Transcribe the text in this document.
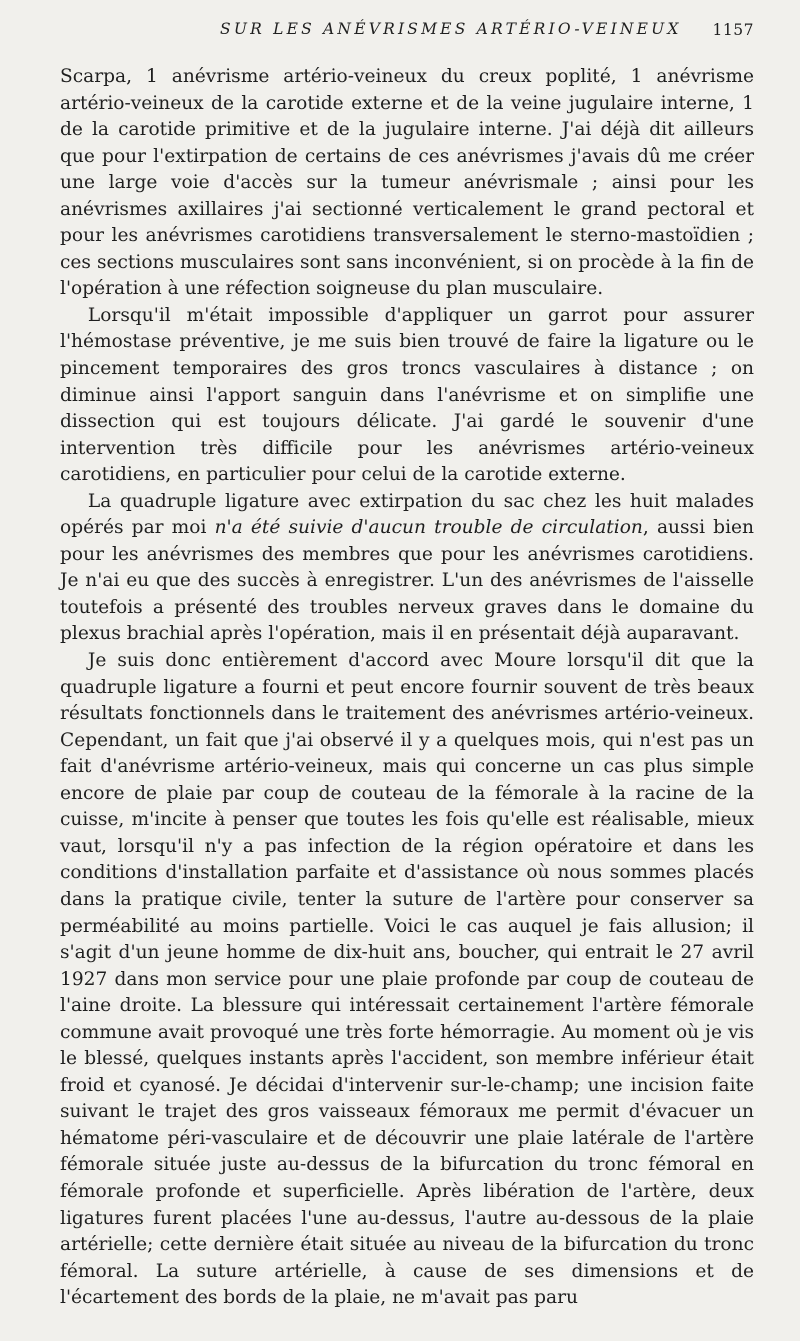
SUR LES ANÉVRISMES ARTÉRIO-VEINEUX 1157

Scarpa, 1 anévrisme artério-veineux du creux poplité, 1 anévrisme artério-veineux de la carotide externe et de la veine jugulaire interne, 1 de la carotide primitive et de la jugulaire interne. J'ai déjà dit ailleurs que pour l'extirpation de certains de ces anévrismes j'avais dû me créer une large voie d'accès sur la tumeur anévrismale ; ainsi pour les anévrismes axillaires j'ai sectionné verticalement le grand pectoral et pour les anévrismes carotidiens transversalement le sterno-mastoïdien ; ces sections musculaires sont sans inconvénient, si on procède à la fin de l'opération à une réfection soigneuse du plan musculaire.

Lorsqu'il m'était impossible d'appliquer un garrot pour assurer l'hémostase préventive, je me suis bien trouvé de faire la ligature ou le pincement temporaires des gros troncs vasculaires à distance ; on diminue ainsi l'apport sanguin dans l'anévrisme et on simplifie une dissection qui est toujours délicate. J'ai gardé le souvenir d'une intervention très difficile pour les anévrismes artério-veineux carotidiens, en particulier pour celui de la carotide externe.

La quadruple ligature avec extirpation du sac chez les huit malades opérés par moi n'a été suivie d'aucun trouble de circulation, aussi bien pour les anévrismes des membres que pour les anévrismes carotidiens. Je n'ai eu que des succès à enregistrer. L'un des anévrismes de l'aisselle toutefois a présenté des troubles nerveux graves dans le domaine du plexus brachial après l'opération, mais il en présentait déjà auparavant.

Je suis donc entièrement d'accord avec Moure lorsqu'il dit que la quadruple ligature a fourni et peut encore fournir souvent de très beaux résultats fonctionnels dans le traitement des anévrismes artério-veineux. Cependant, un fait que j'ai observé il y a quelques mois, qui n'est pas un fait d'anévrisme artério-veineux, mais qui concerne un cas plus simple encore de plaie par coup de couteau de la fémorale à la racine de la cuisse, m'incite à penser que toutes les fois qu'elle est réalisable, mieux vaut, lorsqu'il n'y a pas infection de la région opératoire et dans les conditions d'installation parfaite et d'assistance où nous sommes placés dans la pratique civile, tenter la suture de l'artère pour conserver sa perméabilité au moins partielle. Voici le cas auquel je fais allusion; il s'agit d'un jeune homme de dix-huit ans, boucher, qui entrait le 27 avril 1927 dans mon service pour une plaie profonde par coup de couteau de l'aine droite. La blessure qui intéressait certainement l'artère fémorale commune avait provoqué une très forte hémorragie. Au moment où je vis le blessé, quelques instants après l'accident, son membre inférieur était froid et cyanosé. Je décidai d'intervenir sur-le-champ; une incision faite suivant le trajet des gros vaisseaux fémoraux me permit d'évacuer un hématome péri-vasculaire et de découvrir une plaie latérale de l'artère fémorale située juste au-dessus de la bifurcation du tronc fémoral en fémorale profonde et superficielle. Après libération de l'artère, deux ligatures furent placées l'une au-dessus, l'autre au-dessous de la plaie artérielle; cette dernière était située au niveau de la bifurcation du tronc fémoral. La suture artérielle, à cause de ses dimensions et de l'écartement des bords de la plaie, ne m'avait pas paru
